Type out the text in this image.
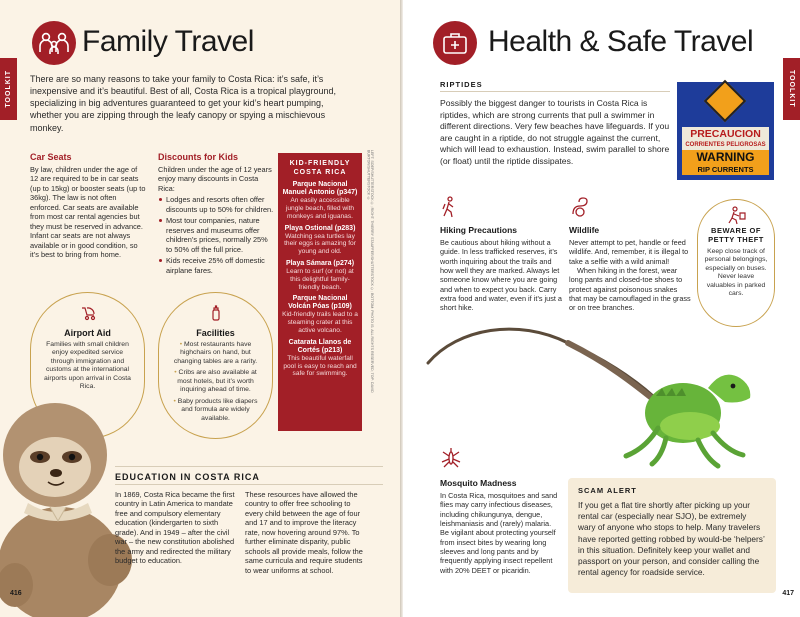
TOOLKIT
Family Travel

There are so many reasons to take your family to Costa Rica: it’s safe, it’s inexpensive and it’s beautiful. Best of all, Costa Rica is a tropical playground, specializing in big adventures guaranteed to get your kid’s heart pumping, whether you are zipping through the leafy canopy or spying a mischievous monkey.

Car Seats

By law, children under the age of 12 are required to be in car seats (up to 15kg) or booster seats (up to 36kg). The law is not often enforced. Car seats are available from most car rental agencies but they must be reserved in advance. Infant car seats are not always available or in good condition, so it’s best to bring from home.

Discounts for Kids

Children under the age of 12 years enjoy many discounts in Costa Rica:

Lodges and resorts often offer discounts up to 50% for children.
Most tour companies, nature reserves and museums offer children’s prices, normally 25% to 50% off the full price.
Kids receive 25% off domestic airplane fares.
KID-FRIENDLY COSTA RICA
Parque Nacional Manuel Antonio (p347)
An easily accessible jungle beach, filled with monkeys and iguanas.
Playa Ostional (p283)
Watching sea turtles lay their eggs is amazing for young and old.
Playa Sámara (p274)
Learn to surf (or not) at this delightful family-friendly beach.
Parque Nacional Volcán Póas (p109)
Kid-friendly trails lead to a steaming crater at this active volcano.
Catarata Llanos de Cortés (p213)
This beautiful waterfall pool is easy to reach and safe for swimming.	LEFT: SOEP/SHUTTERSTOCK ©; RIGHT: THIERRY STAUFFER/SHUTTERSTOCK ©; BOTTOM: PHOTO IS: ALL RIGHTS RESERVED; TOP: DAVID BURTON/SHUTTERSTOCK ©
Airport Aid
Families with small children enjoy expedited service through immigration and customs at the international airports upon arrival in Costa Rica.
Facilities
• Most restaurants have highchairs on hand, but changing tables are a rarity.
• Cribs are also available at most hotels, but it’s worth inquiring ahead of time.
• Baby products like diapers and formula are widely available.
EDUCATION IN COSTA RICA

In 1869, Costa Rica became the first country in Latin America to mandate free and compulsory elementary education (kindergarten to sixth grade). And in 1949 – after the civil war – the new constitution abolished the army and redirected the military budget to education.

These resources have allowed the country to offer free schooling to every child between the age of four and 17 and to improve the literacy rate, now hovering around 97%. To further eliminate disparity, public schools all provide meals, follow the same curricula and require students to wear uniforms at school.

416
TOOLKIT
Health & Safe Travel
RIPTIDES

Possibly the biggest danger to tourists in Costa Rica is riptides, which are strong currents that pull a swimmer in different directions. Very few beaches have lifeguards. If you are caught in a riptide, do not struggle against the current, which will lead to exhaustion. Instead, swim parallel to shore (or float) until the riptide dissipates.

PRECAUCION
CORRIENTES PELIGROSAS
WARNING
RIP CURRENTS
Hiking Precautions

Be cautious about hiking without a guide. In less trafficked reserves, it’s worth inquiring about the trails and how well they are marked. Always let someone know where you are going and when to expect you back. Carry extra food and water, even if it’s just a short hike.

Wildlife

Never attempt to pet, handle or feed wildlife. And, remember, it is illegal to take a selfie with a wild animal!

When hiking in the forest, wear long pants and closed-toe shoes to protect against poisonous snakes that may be camouflaged in the grass or on tree branches.

BEWARE OF PETTY THEFT
Keep close track of personal belongings, especially on buses. Never leave valuables in parked cars.
Mosquito Madness

In Costa Rica, mosquitoes and sand flies may carry infectious diseases, including chikungunya, dengue, leishmaniasis and (rarely) malaria. Be vigilant about protecting yourself from insect bites by wearing long sleeves and long pants and by frequently applying insect repellent with 20% DEET or picaridin.

SCAM ALERT

If you get a flat tire shortly after picking up your rental car (especially near SJO), be extremely wary of anyone who stops to help. Many travelers have reported getting robbed by would-be ‘helpers’ in this situation. Definitely keep your wallet and passport on your person, and consider calling the rental agency for roadside service.

417
